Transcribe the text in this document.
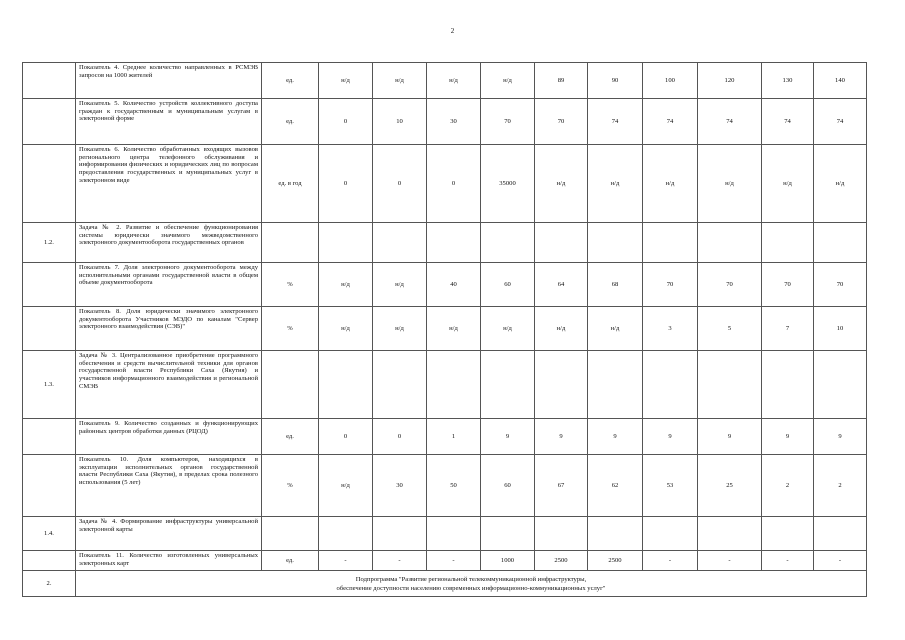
2
	Показатель 4. Среднее количество направленных в РСМЭВ запросов на 1000 жителей	ед.	н/д	н/д	н/д	н/д	89	90	100	120	130	140
	Показатель 5. Количество устройств коллективного доступа граждан к государственным и муниципальным услугам в электронной форме	ед.	0	10	30	70	70	74	74	74	74	74
	Показатель 6. Количество обработанных входящих вызовов регионального центра телефонного обслуживания и информирования физических и юридических лиц по вопросам предоставления государственных и муниципальных услуг в электронном виде	ед. в год	0	0	0	35000	н/д	н/д	н/д	н/д	н/д	н/д
1.2.	Задача № 2. Развитие и обеспечение функционирования системы юридически значимого межведомственного электронного документооборота государственных органов											
	Показатель 7. Доля электронного документооборота между исполнительными органами государственной власти в общем объеме документооборота	%	н/д	н/д	40	60	64	68	70	70	70	70
	Показатель 8. Доля юридически значимого электронного документооборота Участников МЭДО по каналам "Сервер электронного взаимодействия (СЭВ)"	%	н/д	н/д	н/д	н/д	н/д	н/д	3	5	7	10
1.3.	Задача № 3. Централизованное приобретение программного обеспечения и средств вычислительной техники для органов государственной власти Республики Саха (Якутия) и участников информационного взаимодействия и региональной СМЭВ											
	Показатель 9. Количество созданных и функционирующих районных центров обработки данных (РЦОД)	ед.	0	0	1	9	9	9	9	9	9	9
	Показатель 10. Доля компьютеров, находящихся в эксплуатации исполнительных органов государственной власти Республики Саха (Якутия), в пределах срока полезного использования (5 лет)	%	н/д	30	50	60	67	62	53	25	2	2
1.4.	Задача № 4. Формирование инфраструктуры универсальной электронной карты											
	Показатель 11. Количество изготовленных универсальных электронных карт	ед.	-	-	-	1000	2500	2500	-	-	-	-
2.	Подпрограмма "Развитие региональной телекоммуникационной инфраструктуры,
обеспечение доступности населению современных информационно-коммуникационных услуг"											
